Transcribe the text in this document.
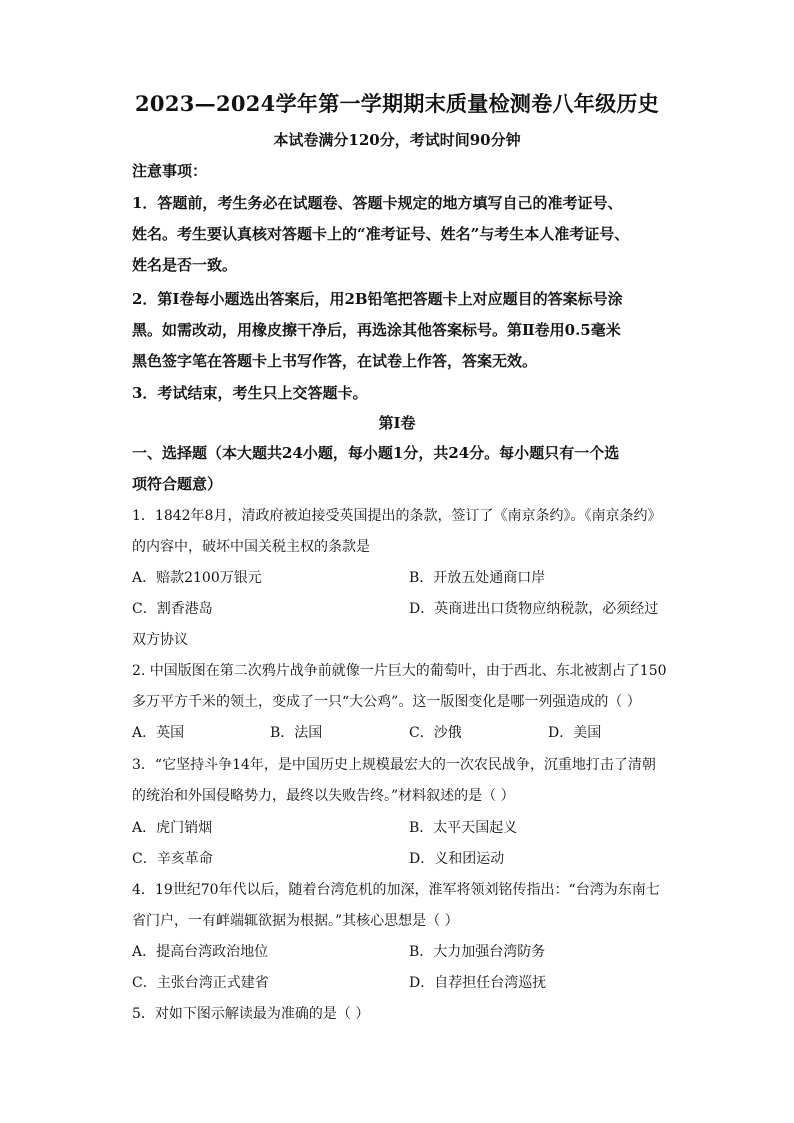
2023—2024学年第一学期期末质量检测卷八年级历史
本试卷满分120分，考试时间90分钟
注意事项：
1．答题前，考生务必在试题卷、答题卡规定的地方填写自己的准考证号、
姓名。考生要认真核对答题卡上的“准考证号、姓名”与考生本人准考证号、
姓名是否一致。
2．第Ⅰ卷每小题选出答案后，用2B铅笔把答题卡上对应题目的答案标号涂
黑。如需改动，用橡皮擦干净后，再选涂其他答案标号。第Ⅱ卷用0.5毫米
黑色签字笔在答题卡上书写作答，在试卷上作答，答案无效。
3．考试结束，考生只上交答题卡。
第Ⅰ卷
一、选择题（本大题共24小题，每小题1分，共24分。每小题只有一个选
项符合题意）
1．1842年8月，清政府被迫接受英国提出的条款，签订了《南京条约》。《南京条约》
的内容中，破坏中国关税主权的条款是
A．赔款2100万银元	B．开放五处通商口岸
C．割香港岛	D．英商进出口货物应纳税款，必须经过
双方协议
2. 中国版图在第二次鸦片战争前就像一片巨大的葡萄叶，由于西北、东北被割占了150
多万平方千米的领土，变成了一只“大公鸡”。这一版图变化是哪一列强造成的（ ）
A．英国	B．法国	C．沙俄	D．美国
3．“它坚持斗争14年，是中国历史上规模最宏大的一次农民战争，沉重地打击了清朝
的统治和外国侵略势力，最终以失败告终。”材料叙述的是（ ）
A．虎门销烟	B．太平天国起义
C．辛亥革命	D．义和团运动
4．19世纪70年代以后，随着台湾危机的加深，淮军将领刘铭传指出：“台湾为东南七
省门户，一有衅端辄欲据为根据。”其核心思想是（ ）
A．提高台湾政治地位	B．大力加强台湾防务
C．主张台湾正式建省	D．自荐担任台湾巡抚
5．对如下图示解读最为准确的是（ ）
